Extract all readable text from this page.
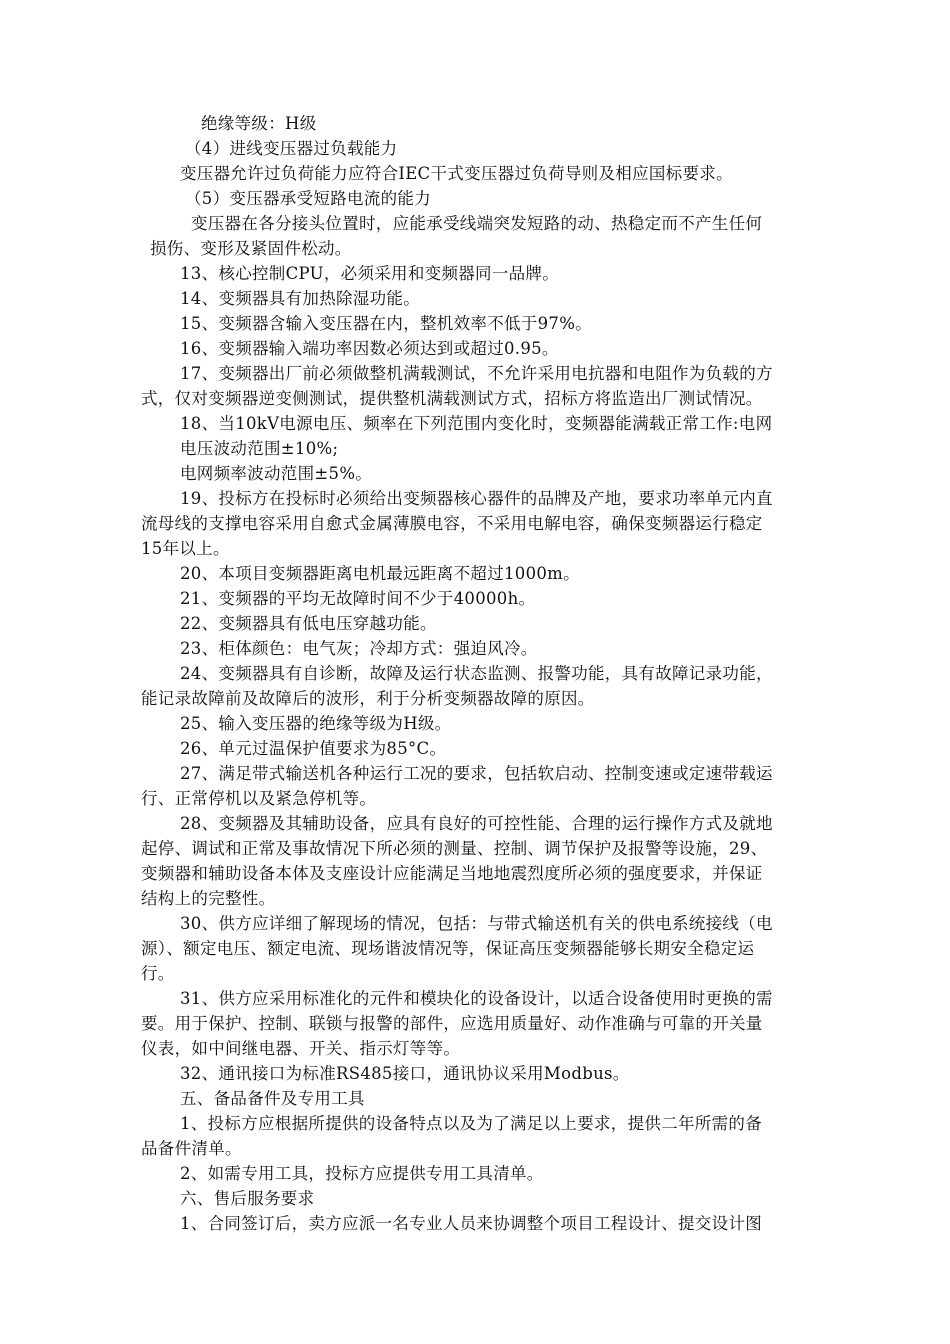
绝缘等级：H级
（4）进线变压器过负载能力
变压器允许过负荷能力应符合IEC干式变压器过负荷导则及相应国标要求。
（5）变压器承受短路电流的能力
变压器在各分接头位置时，应能承受线端突发短路的动、热稳定而不产生任何
损伤、变形及紧固件松动。
13、核心控制CPU，必须采用和变频器同一品牌。
14、变频器具有加热除湿功能。
15、变频器含输入变压器在内，整机效率不低于97%。
16、变频器输入端功率因数必须达到或超过0.95。
17、变频器出厂前必须做整机满载测试，不允许采用电抗器和电阻作为负载的方
式，仅对变频器逆变侧测试，提供整机满载测试方式，招标方将监造出厂测试情况。
18、当10kV电源电压、频率在下列范围内变化时，变频器能满载正常工作:电网
电压波动范围±10%;
电网频率波动范围±5%。
19、投标方在投标时必须给出变频器核心器件的品牌及产地，要求功率单元内直
流母线的支撑电容采用自愈式金属薄膜电容，不采用电解电容，确保变频器运行稳定
15年以上。
20、本项目变频器距离电机最远距离不超过1000m。
21、变频器的平均无故障时间不少于40000h。
22、变频器具有低电压穿越功能。
23、柜体颜色：电气灰；冷却方式：强迫风冷。
24、变频器具有自诊断，故障及运行状态监测、报警功能，具有故障记录功能，
能记录故障前及故障后的波形，利于分析变频器故障的原因。
25、输入变压器的绝缘等级为H级。
26、单元过温保护值要求为85°C。
27、满足带式输送机各种运行工况的要求，包括软启动、控制变速或定速带载运
行、正常停机以及紧急停机等。
28、变频器及其辅助设备，应具有良好的可控性能、合理的运行操作方式及就地
起停、调试和正常及事故情况下所必须的测量、控制、调节保护及报警等设施，29、
变频器和辅助设备本体及支座设计应能满足当地地震烈度所必须的强度要求，并保证
结构上的完整性。
30、供方应详细了解现场的情况，包括：与带式输送机有关的供电系统接线（电
源）、额定电压、额定电流、现场谐波情况等，保证高压变频器能够长期安全稳定运
行。
31、供方应采用标准化的元件和模块化的设备设计，以适合设备使用时更换的需
要。用于保护、控制、联锁与报警的部件，应选用质量好、动作准确与可靠的开关量
仪表，如中间继电器、开关、指示灯等等。
32、通讯接口为标准RS485接口，通讯协议采用Modbus。
五、备品备件及专用工具
1、投标方应根据所提供的设备特点以及为了满足以上要求，提供二年所需的备
品备件清单。
2、如需专用工具，投标方应提供专用工具清单。
六、售后服务要求
1、合同签订后，卖方应派一名专业人员来协调整个项目工程设计、提交设计图
